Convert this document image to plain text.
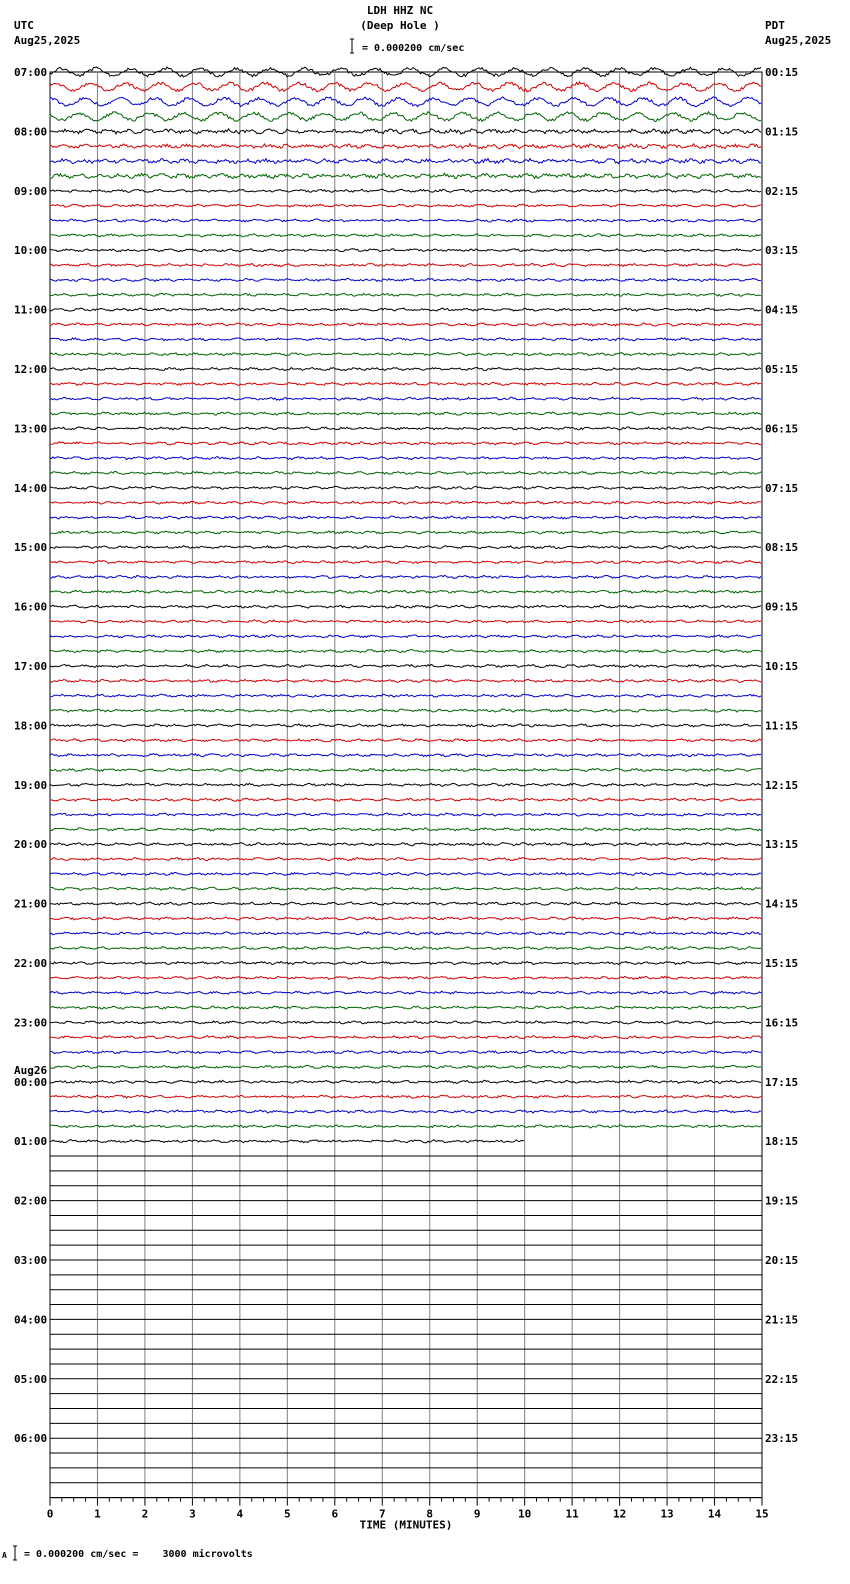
LDH HHZ NC
(Deep Hole )
UTC
Aug25,2025
PDT
Aug25,2025
= 0.000200 cm/sec
A = 0.000200 cm/sec =    3000 microvolts
0	1	2	3	4	5	6	7	8	9	10	11	12	13	14	15
TIME (MINUTES)
07:00	00:15
08:00	01:15
09:00	02:15
10:00	03:15
11:00	04:15
12:00	05:15
13:00	06:15
14:00	07:15
15:00	08:15
16:00	09:15
17:00	10:15
18:00	11:15
19:00	12:15
20:00	13:15
21:00	14:15
22:00	15:15
23:00	16:15
00:00	17:15
Aug26
01:00	18:15
02:00	19:15
03:00	20:15
04:00	21:15
05:00	22:15
06:00	23:15
